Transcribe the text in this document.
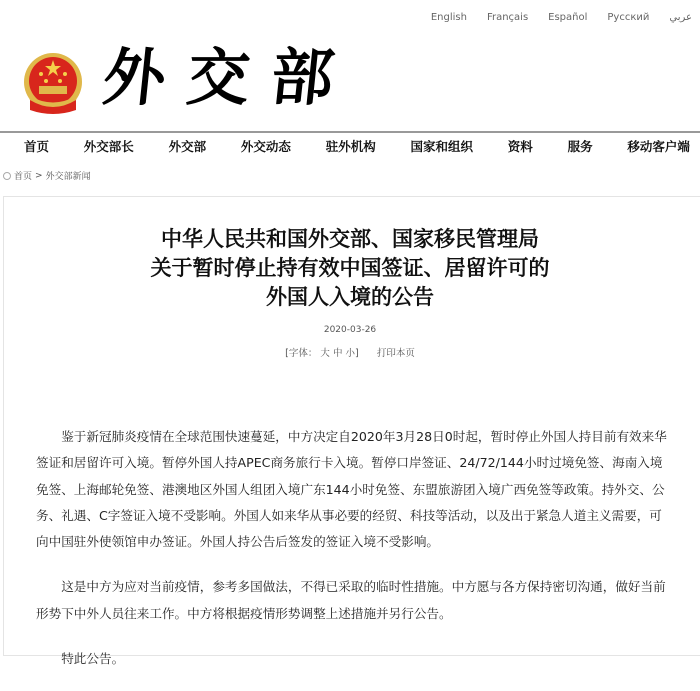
English Français Español Русский عربي
外交部
首页	外交部长	外交部	外交动态	驻外机构	国家和组织	资料	服务	移动客户端
首页 > 外交部新闻
中华人民共和国外交部、国家移民管理局
关于暂时停止持有效中国签证、居留许可的
外国人入境的公告
2020-03-26
[字体： 大 中 小] 打印本页

鉴于新冠肺炎疫情在全球范围快速蔓延，中方决定自2020年3月28日0时起，暂时停止外国人持目前有效来华签证和居留许可入境。暂停外国人持APEC商务旅行卡入境。暂停口岸签证、24/72/144小时过境免签、海南入境免签、上海邮轮免签、港澳地区外国人组团入境广东144小时免签、东盟旅游团入境广西免签等政策。持外交、公务、礼遇、C字签证入境不受影响。外国人如来华从事必要的经贸、科技等活动，以及出于紧急人道主义需要，可向中国驻外使领馆申办签证。外国人持公告后签发的签证入境不受影响。

这是中方为应对当前疫情，参考多国做法，不得已采取的临时性措施。中方愿与各方保持密切沟通，做好当前形势下中外人员往来工作。中方将根据疫情形势调整上述措施并另行公告。

特此公告。
